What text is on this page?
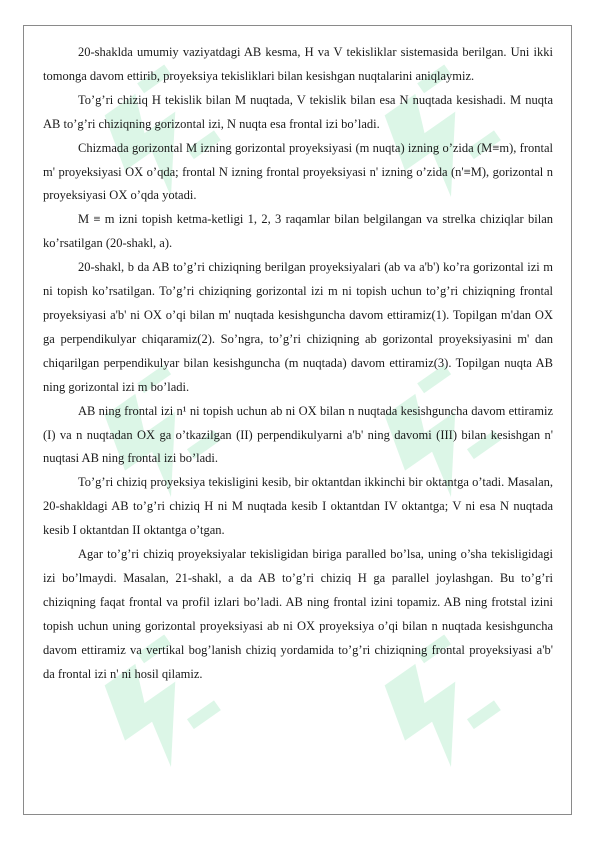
20-shaklda umumiy vaziyatdagi AB kesma, H va V tekisliklar sistemasida berilgan. Uni ikki tomonga davom ettirib, proyeksiya tekisliklari bilan kesishgan nuqtalarini aniqlaymiz.

To’g’ri chiziq H tekislik bilan M nuqtada, V tekislik bilan esa N nuqtada kesishadi. M nuqta AB to’g’ri chiziqning gorizontal izi, N nuqta esa frontal izi bo’ladi.

Chizmada gorizontal M izning gorizontal proyeksiyasi (m nuqta) izning o’zida (M≡m), frontal m' proyeksiyasi OX o’qda; frontal N izning frontal proyeksiyasi n' izning o’zida (n'≡M), gorizontal n proyeksiyasi OX o’qda yotadi.

M ≡ m izni topish ketma-ketligi 1, 2, 3 raqamlar bilan belgilangan va strelka chiziqlar bilan ko’rsatilgan (20-shakl, a).

20-shakl, b da AB to’g’ri chiziqning berilgan proyeksiyalari (ab va a'b') ko’ra gorizontal izi m ni topish ko’rsatilgan. To’g’ri chiziqning gorizontal izi m ni topish uchun to’g’ri chiziqning frontal proyeksiyasi a'b' ni OX o’qi bilan m' nuqtada kesishguncha davom ettiramiz(1). Topilgan m'dan OX ga perpendikulyar chiqaramiz(2). So’ngra, to’g’ri chiziqning ab gorizontal proyeksiyasini m' dan chiqarilgan perpendikulyar bilan kesishguncha (m nuqtada) davom ettiramiz(3). Topilgan nuqta AB ning gorizontal izi m bo’ladi.

AB ning frontal izi n¹ ni topish uchun ab ni OX bilan n nuqtada kesishguncha davom ettiramiz (I) va n nuqtadan OX ga o’tkazilgan (II) perpendikulyarni a'b' ning davomi (III) bilan kesishgan n' nuqtasi AB ning frontal izi bo’ladi.

To’g’ri chiziq proyeksiya tekisligini kesib, bir oktantdan ikkinchi bir oktantga o’tadi. Masalan, 20-shakldagi AB to’g’ri chiziq H ni M nuqtada kesib I oktantdan IV oktantga; V ni esa N nuqtada kesib I oktantdan II oktantga o’tgan.

Agar to’g’ri chiziq proyeksiyalar tekisligidan biriga paralled bo’lsa, uning o’sha tekisligidagi izi bo’lmaydi. Masalan, 21-shakl, a da AB to’g’ri chiziq H ga parallel joylashgan. Bu to’g’ri chiziqning faqat frontal va profil izlari bo’ladi. AB ning frontal izini topamiz. AB ning frotstal izini topish uchun uning gorizontal proyeksiyasi ab ni OX proyeksiya o’qi bilan n nuqtada kesishguncha davom ettiramiz va vertikal bog’lanish chiziq yordamida to’g’ri chiziqning frontal proyeksiyasi a'b' da frontal izi n' ni hosil qilamiz.
